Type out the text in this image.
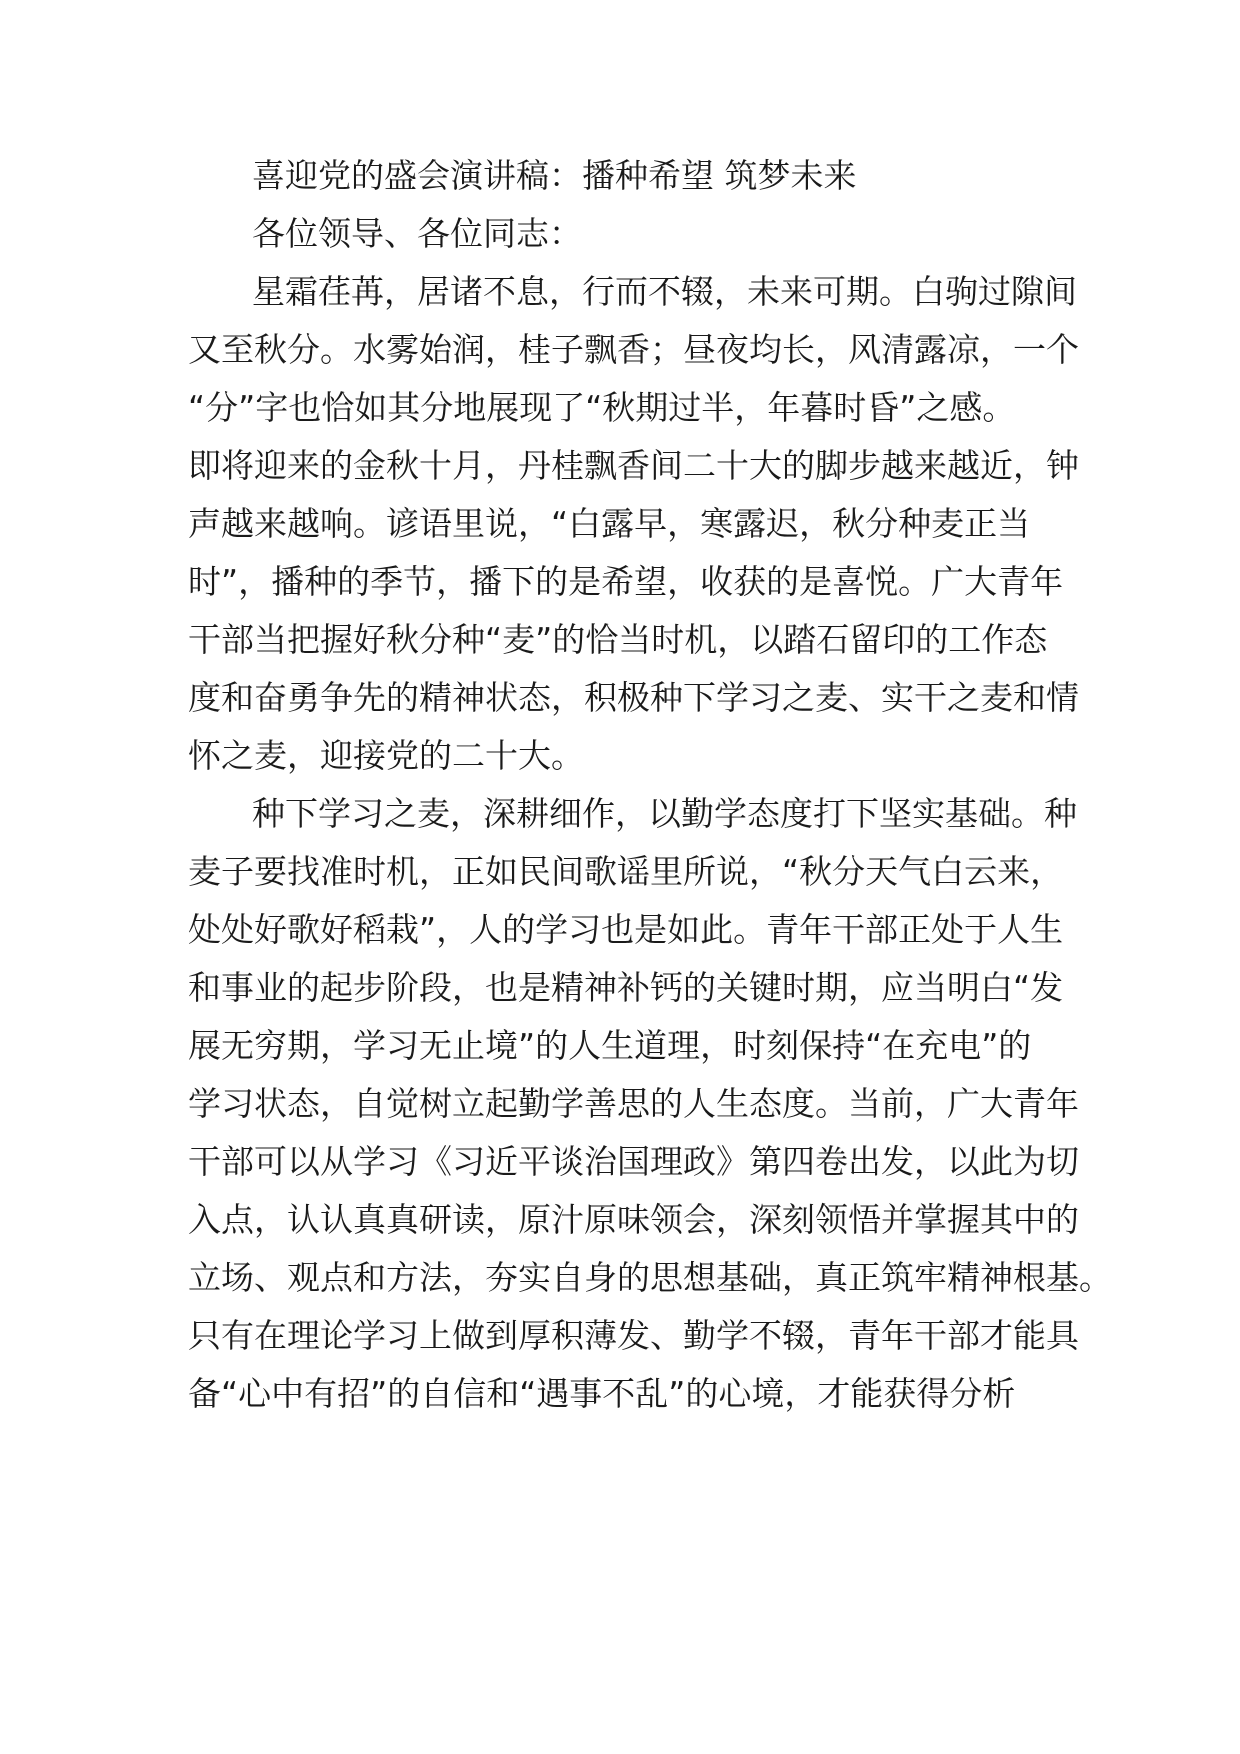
喜迎党的盛会演讲稿：播种希望 筑梦未来
各位领导、各位同志：
星霜荏苒，居诸不息，行而不辍，未来可期。白驹过隙间
又至秋分。水雾始润，桂子飘香；昼夜均长，风清露凉，一个
“分”字也恰如其分地展现了“秋期过半，年暮时昏”之感。
即将迎来的金秋十月，丹桂飘香间二十大的脚步越来越近，钟
声越来越响。谚语里说，“白露早，寒露迟，秋分种麦正当
时”，播种的季节，播下的是希望，收获的是喜悦。广大青年
干部当把握好秋分种“麦”的恰当时机，以踏石留印的工作态
度和奋勇争先的精神状态，积极种下学习之麦、实干之麦和情
怀之麦，迎接党的二十大。
种下学习之麦，深耕细作，以勤学态度打下坚实基础。种
麦子要找准时机，正如民间歌谣里所说，“秋分天气白云来，
处处好歌好稻栽”，人的学习也是如此。青年干部正处于人生
和事业的起步阶段，也是精神补钙的关键时期，应当明白“发
展无穷期，学习无止境”的人生道理，时刻保持“在充电”的
学习状态，自觉树立起勤学善思的人生态度。当前，广大青年
干部可以从学习《习近平谈治国理政》第四卷出发，以此为切
入点，认认真真研读，原汁原味领会，深刻领悟并掌握其中的
立场、观点和方法，夯实自身的思想基础，真正筑牢精神根基。
只有在理论学习上做到厚积薄发、勤学不辍，青年干部才能具
备“心中有招”的自信和“遇事不乱”的心境，才能获得分析
